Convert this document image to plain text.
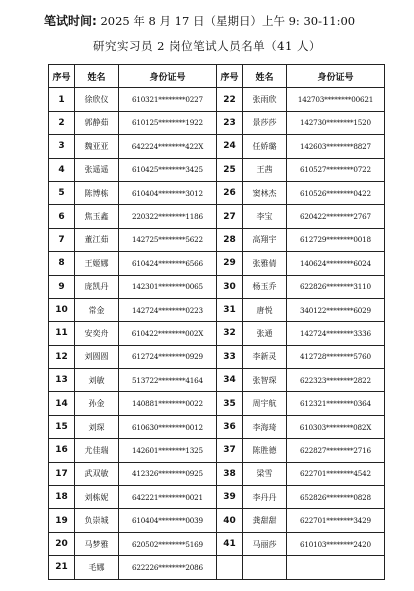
笔试时间: 2025 年 8 月 17 日（星期日）上午 9: 30-11:00
研究实习员 2 岗位笔试人员名单（41 人）
序号	姓名	身份证号	序号	姓名	身份证号
1	徐欣仪	610321********0227	22	张雨欣	142703********00621
2	郭静茹	610125********1922	23	景莎莎	142730********1520
3	魏亚亚	642224********422X	24	任娇璐	142603********8827
4	张遥遥	610425********3425	25	王茜	610527********0722
5	陈博栋	610404********3012	26	窦林杰	610526********0422
6	焦玉鑫	220322********1186	27	李宝	620422********2767
7	董江茹	142725********5622	28	高翔宇	612729********0018
8	王姬娜	610424********6566	29	张雅倩	140624********6024
9	庞凯丹	142301********0065	30	杨玉乔	622826********3110
10	常金	142724********0223	31	唐悦	340122********6029
11	安奕舟	610422********002X	32	张通	142724********3336
12	刘圆圆	612724********0929	33	李新灵	412728********5760
13	刘敏	513722********4164	34	张智琛	622323********2822
14	孙金	140881********0022	35	周宇航	612321********0364
15	刘琛	610630********0012	36	李海琦	610303********082X
16	尤佳瑞	142601********1325	37	陈胜德	622827********2716
17	武双敏	412326********0925	38	梁雪	622701********4542
18	刘栋妮	642221********0021	39	李丹丹	652826********0828
19	负崇城	610404********0039	40	龚甜甜	622701********3429
20	马梦雅	620502********5169	41	马丽莎	610103********2420
21	毛娜	622226********2086			
